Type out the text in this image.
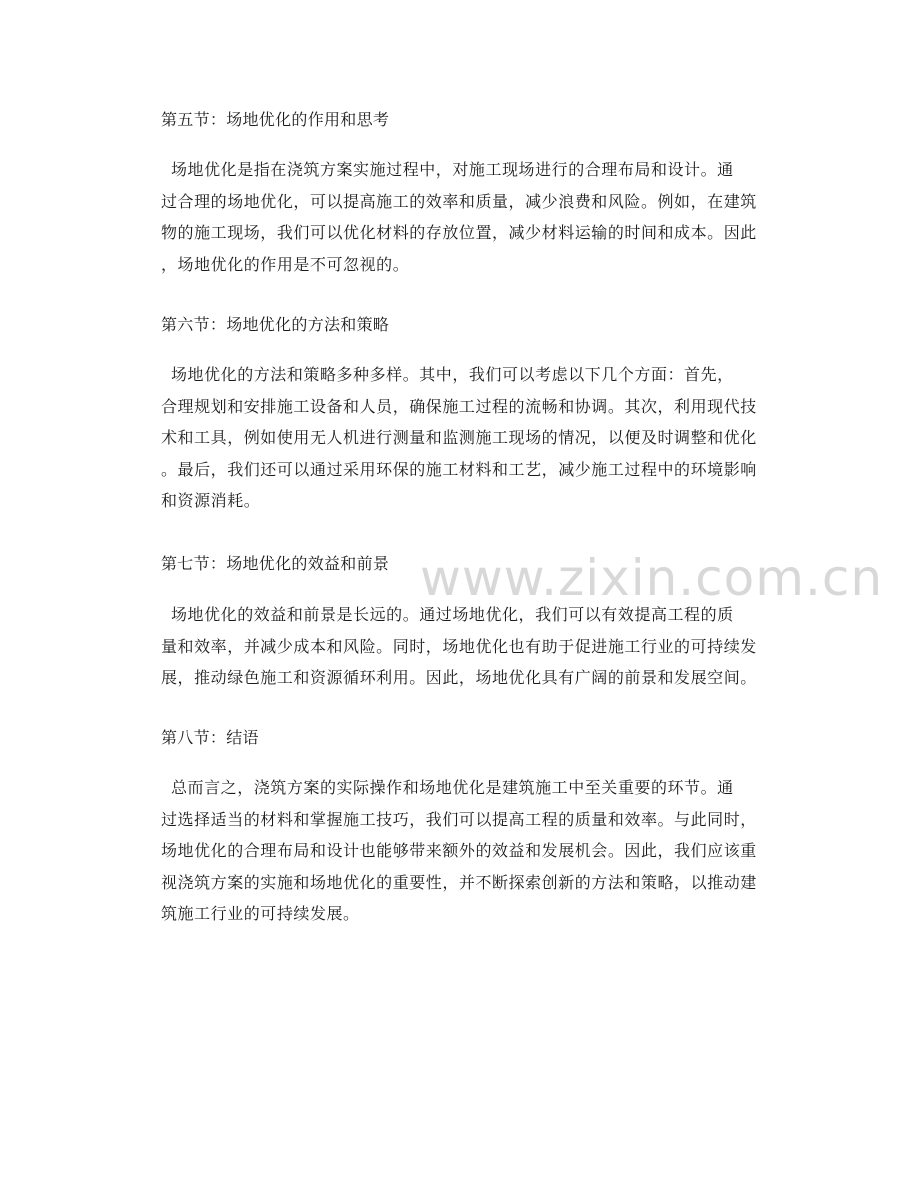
www.zixin.com.cn
第五节：场地优化的作用和思考
场地优化是指在浇筑方案实施过程中，对施工现场进行的合理布局和设计。通
过合理的场地优化，可以提高施工的效率和质量，减少浪费和风险。例如，在建筑
物的施工现场，我们可以优化材料的存放位置，减少材料运输的时间和成本。因此
，场地优化的作用是不可忽视的。
第六节：场地优化的方法和策略
场地优化的方法和策略多种多样。其中，我们可以考虑以下几个方面：首先，
合理规划和安排施工设备和人员，确保施工过程的流畅和协调。其次，利用现代技
术和工具，例如使用无人机进行测量和监测施工现场的情况，以便及时调整和优化
。最后，我们还可以通过采用环保的施工材料和工艺，减少施工过程中的环境影响
和资源消耗。
第七节：场地优化的效益和前景
场地优化的效益和前景是长远的。通过场地优化，我们可以有效提高工程的质
量和效率，并减少成本和风险。同时，场地优化也有助于促进施工行业的可持续发
展，推动绿色施工和资源循环利用。因此，场地优化具有广阔的前景和发展空间。
第八节：结语
总而言之，浇筑方案的实际操作和场地优化是建筑施工中至关重要的环节。通
过选择适当的材料和掌握施工技巧，我们可以提高工程的质量和效率。与此同时，
场地优化的合理布局和设计也能够带来额外的效益和发展机会。因此，我们应该重
视浇筑方案的实施和场地优化的重要性，并不断探索创新的方法和策略，以推动建
筑施工行业的可持续发展。
